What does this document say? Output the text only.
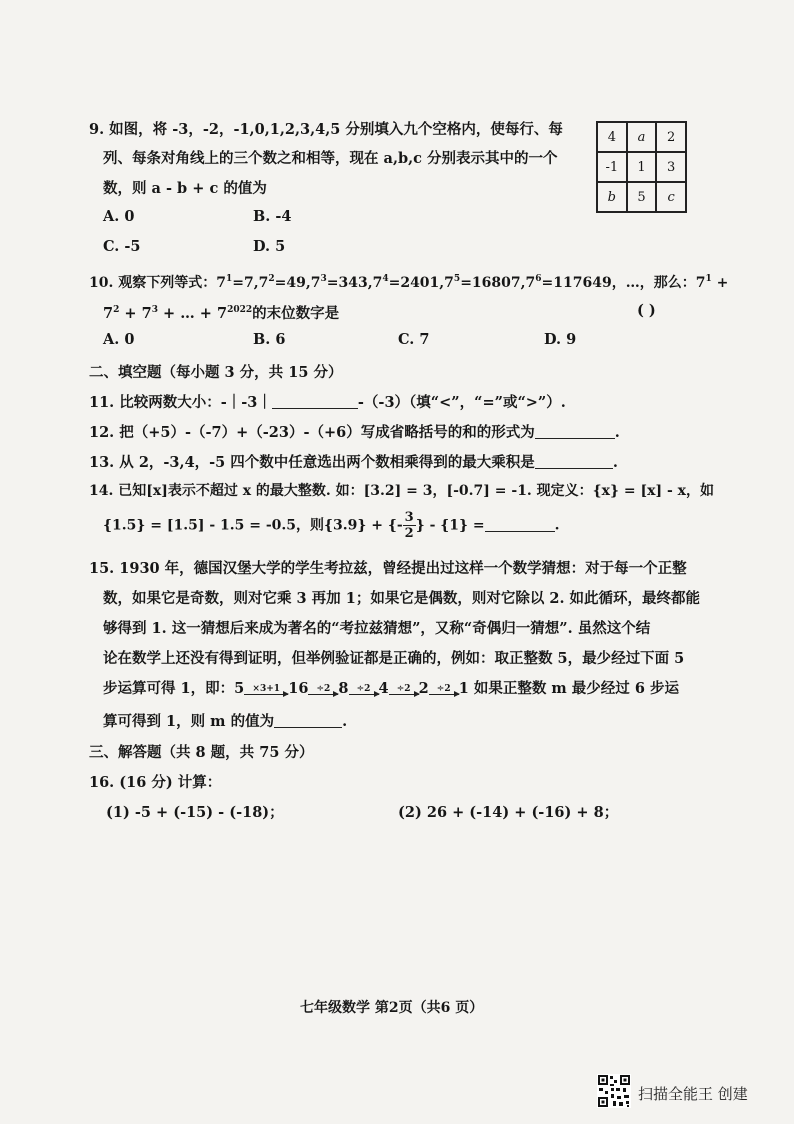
9. 如图，将 -3，-2，-1,0,1,2,3,4,5 分别填入九个空格内，使每行、每
列、每条对角线上的三个数之和相等，现在 a,b,c 分别表示其中的一个
数，则 a - b + c 的值为
A. 0	B. -4
C. -5	D. 5
4	a	2
-1	1	3
b	5	c
10. 观察下列等式：$7^1=7,7^2=49,7^3=343,7^4=2401,7^5=16807,7^6=117649$，…，那么：$7^1$ +
$7^2 + 7^3$ + … + $7^{2022}$的末位数字是	( )
A. 0	B. 6	C. 7	D. 9
二、填空题（每小题 3 分，共 15 分）
11. 比较两数大小：-｜-3｜	-（-3）（填“<”，“=”或“>”）.
12. 把（+5）-（-7）+（-23）-（+6）写成省略括号的和的形式为	.
13. 从 2，-3,4，-5 四个数中任意选出两个数相乘得到的最大乘积是	.
14. 已知[x]表示不超过 x 的最大整数. 如：[3.2] = 3，[-0.7] = -1. 现定义：{x} = [x] - x，如
{1.5} = [1.5] - 1.5 = -0.5，则{3.9} + {- $\frac{3}{2}$ } - {1} =	.
15. 1930 年，德国汉堡大学的学生考拉兹，曾经提出过这样一个数学猜想：对于每一个正整
数，如果它是奇数，则对它乘 3 再加 1；如果它是偶数，则对它除以 2. 如此循环，最终都能
够得到 1. 这一猜想后来成为著名的“考拉兹猜想”，又称“奇偶归一猜想”. 虽然这个结
论在数学上还没有得到证明，但举例验证都是正确的，例如：取正整数 5，最少经过下面 5
步运算可得 1，即：5 ×3+1 16 ÷2 8 ÷2 4 ÷2 2 ÷2 1 如果正整数 m 最少经过 6 步运
算可得到 1，则 m 的值为	.
三、解答题（共 8 题，共 75 分）
16. (16 分) 计算：
(1) -5 + (-15) - (-18)；	(2) 26 + (-14) + (-16) + 8；
七年级数学 第2页（共6 页）
扫描全能王 创建
